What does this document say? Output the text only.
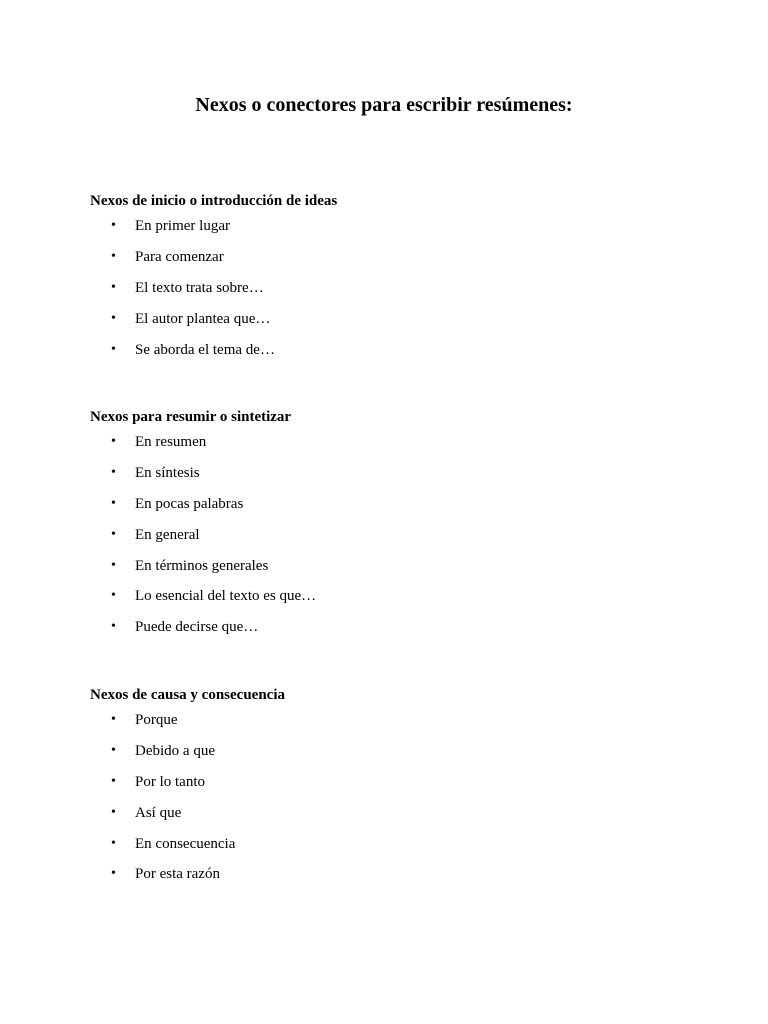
Nexos o conectores para escribir resúmenes:
Nexos de inicio o introducción de ideas
• En primer lugar
• Para comenzar
• El texto trata sobre…
• El autor plantea que…
• Se aborda el tema de…
Nexos para resumir o sintetizar
• En resumen
• En síntesis
• En pocas palabras
• En general
• En términos generales
• Lo esencial del texto es que…
• Puede decirse que…
Nexos de causa y consecuencia
• Porque
• Debido a que
• Por lo tanto
• Así que
• En consecuencia
• Por esta razón
